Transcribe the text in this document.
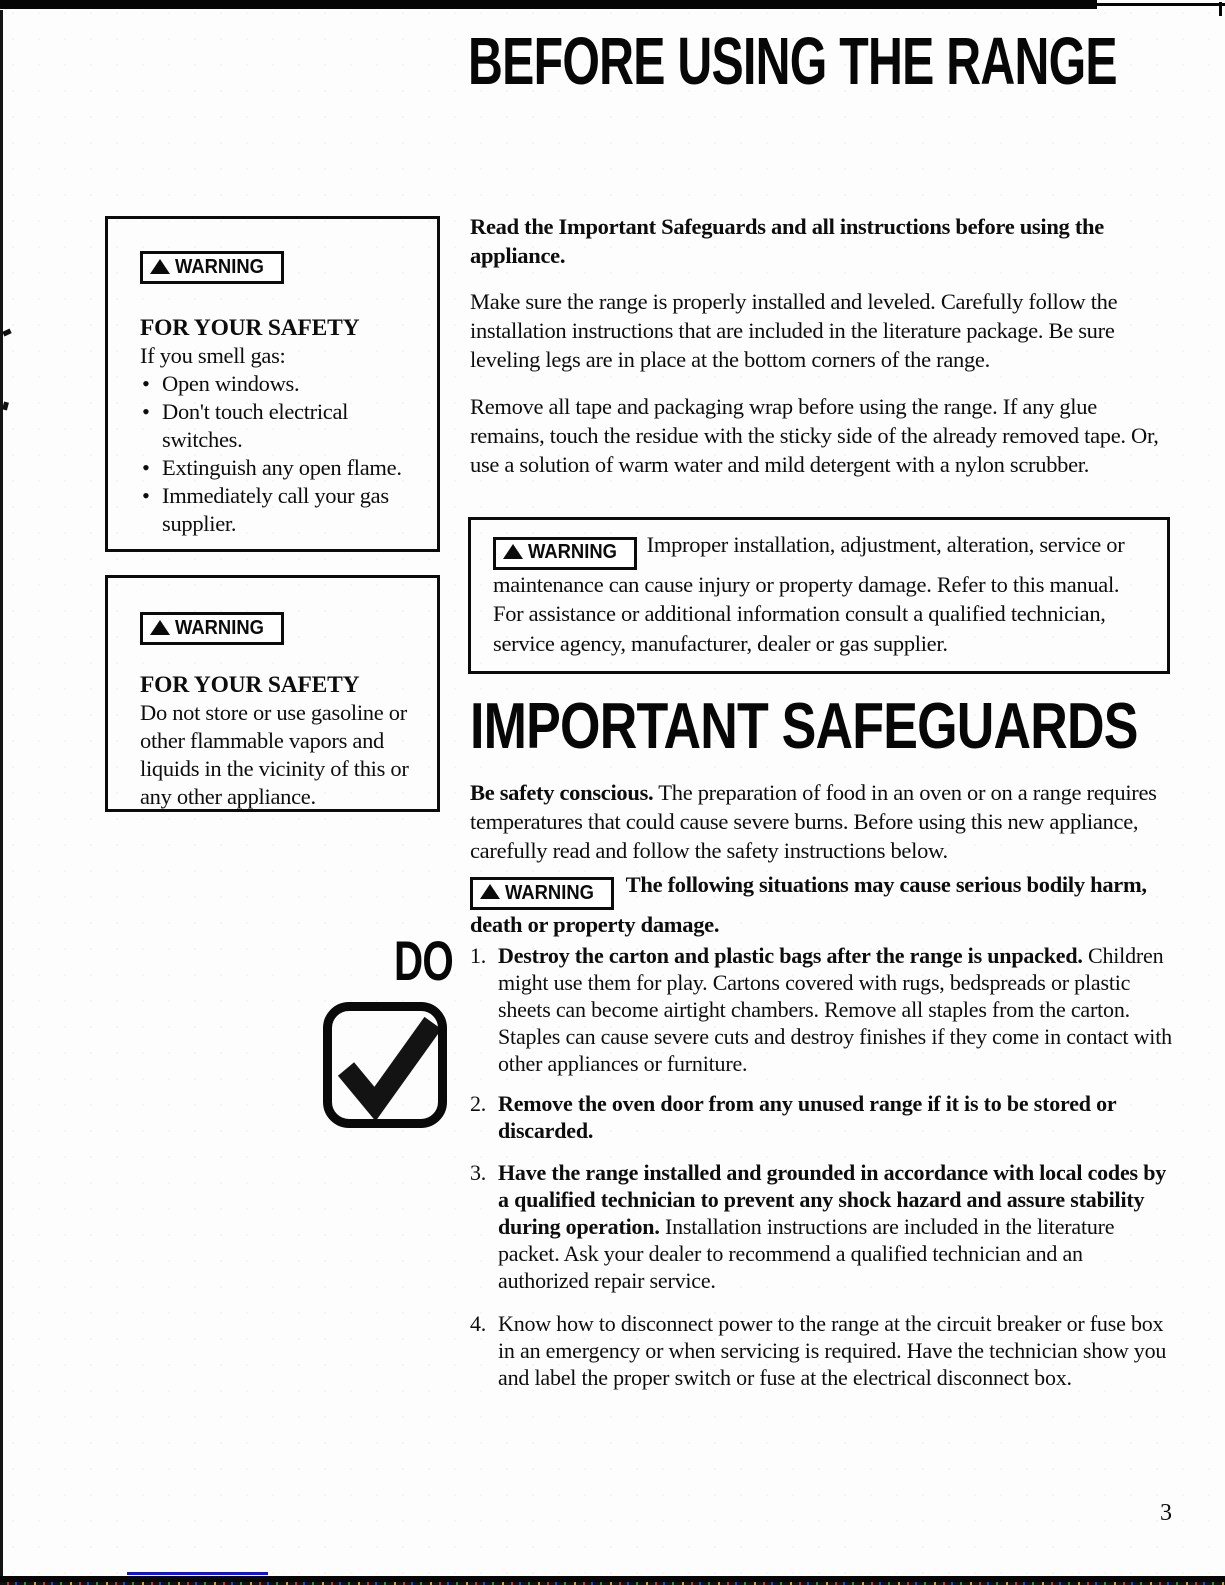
BEFORE USING THE RANGE
WARNING

FOR YOUR SAFETY

If you smell gas:

• Open windows.
• Don't touch electrical switches.
• Extinguish any open flame.
• Immediately call your gas supplier.
WARNING

FOR YOUR SAFETY

Do not store or use gasoline or other flammable vapors and liquids in the vicinity of this or any other appliance.

Read the Important Safeguards and all instructions before using the appliance.

Make sure the range is properly installed and leveled. Carefully follow the installation instructions that are included in the literature package. Be sure leveling legs are in place at the bottom corners of the range.

Remove all tape and packaging wrap before using the range. If any glue remains, touch the residue with the sticky side of the already removed tape. Or, use a solution of warm water and mild detergent with a nylon scrubber.

WARNING Improper installation, adjustment, alteration, service or maintenance can cause injury or property damage. Refer to this manual. For assistance or additional information consult a qualified technician, service agency, manufacturer, dealer or gas supplier.

IMPORTANT SAFEGUARDS

Be safety conscious. The preparation of food in an oven or on a range requires temperatures that could cause severe burns. Before using this new appliance, carefully read and follow the safety instructions below.

WARNING The following situations may cause serious bodily harm, death or property damage.

DO 1. Destroy the carton and plastic bags after the range is unpacked. Children might use them for play. Cartons covered with rugs, bedspreads or plastic sheets can become airtight chambers. Remove all staples from the carton. Staples can cause severe cuts and destroy finishes if they come in contact with other appliances or furniture.
2. Remove the oven door from any unused range if it is to be stored or discarded.
3. Have the range installed and grounded in accordance with local codes by a qualified technician to prevent any shock hazard and assure stability during operation. Installation instructions are included in the literature packet. Ask your dealer to recommend a qualified technician and an authorized repair service.
4. Know how to disconnect power to the range at the circuit breaker or fuse box in an emergency or when servicing is required. Have the technician show you and label the proper switch or fuse at the electrical disconnect box.
3
